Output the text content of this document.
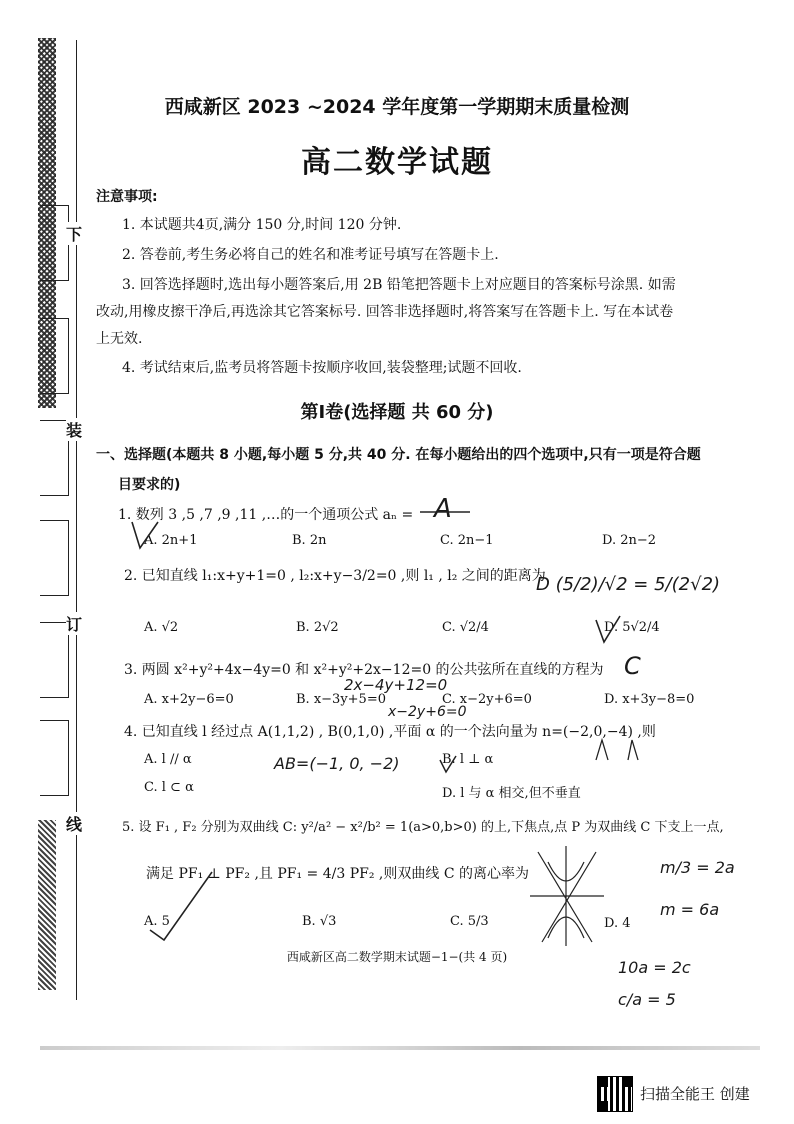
下
装
订
线
西咸新区 2023 ~2024 学年度第一学期期末质量检测
高二数学试题
注意事项:
1. 本试题共4页,满分 150 分,时间 120 分钟.
2. 答卷前,考生务必将自己的姓名和准考证号填写在答题卡上.
3. 回答选择题时,选出每小题答案后,用 2B 铅笔把答题卡上对应题目的答案标号涂黑. 如需
改动,用橡皮擦干净后,再选涂其它答案标号. 回答非选择题时,将答案写在答题卡上. 写在本试卷
上无效.
4. 考试结束后,监考员将答题卡按顺序收回,装袋整理;试题不回收.
第Ⅰ卷(选择题 共 60 分)
一、选择题(本题共 8 小题,每小题 5 分,共 40 分. 在每小题给出的四个选项中,只有一项是符合题
目要求的)
1. 数列 3 ,5 ,7 ,9 ,11 ,…的一个通项公式 aₙ =
A. 2n+1	B. 2n	C. 2n−1	D. 2n−2
2. 已知直线 l₁:x+y+1=0 , l₂:x+y−3/2=0 ,则 l₁ , l₂ 之间的距离为
A. √2	B. 2√2	C. √2/4	D. 5√2/4
3. 两圆 x²+y²+4x−4y=0 和 x²+y²+2x−12=0 的公共弦所在直线的方程为
A. x+2y−6=0	B. x−3y+5=0	C. x−2y+6=0	D. x+3y−8=0
4. 已知直线 l 经过点 A(1,1,2) , B(0,1,0) ,平面 α 的一个法向量为 n=(−2,0,−4) ,则
A. l // α	B. l ⊥ α
C. l ⊂ α	D. l 与 α 相交,但不垂直
5. 设 F₁ , F₂ 分别为双曲线 C: y²/a² − x²/b² = 1(a>0,b>0) 的上,下焦点,点 P 为双曲线 C 下支上一点,
满足 PF₁ ⊥ PF₂ ,且 PF₁ = 4/3 PF₂ ,则双曲线 C 的离心率为
A. 5	B. √3	C. 5/3	D. 4
西咸新区高二数学期末试题−1−(共 4 页)
A
D (5/2)/√2 = 5/(2√2)
C
2x−4y+12=0
x−2y+6=0
AB=(−1, 0, −2)
m/3 = 2a
m = 6a
10a = 2c
c/a = 5
扫描全能王 创建
